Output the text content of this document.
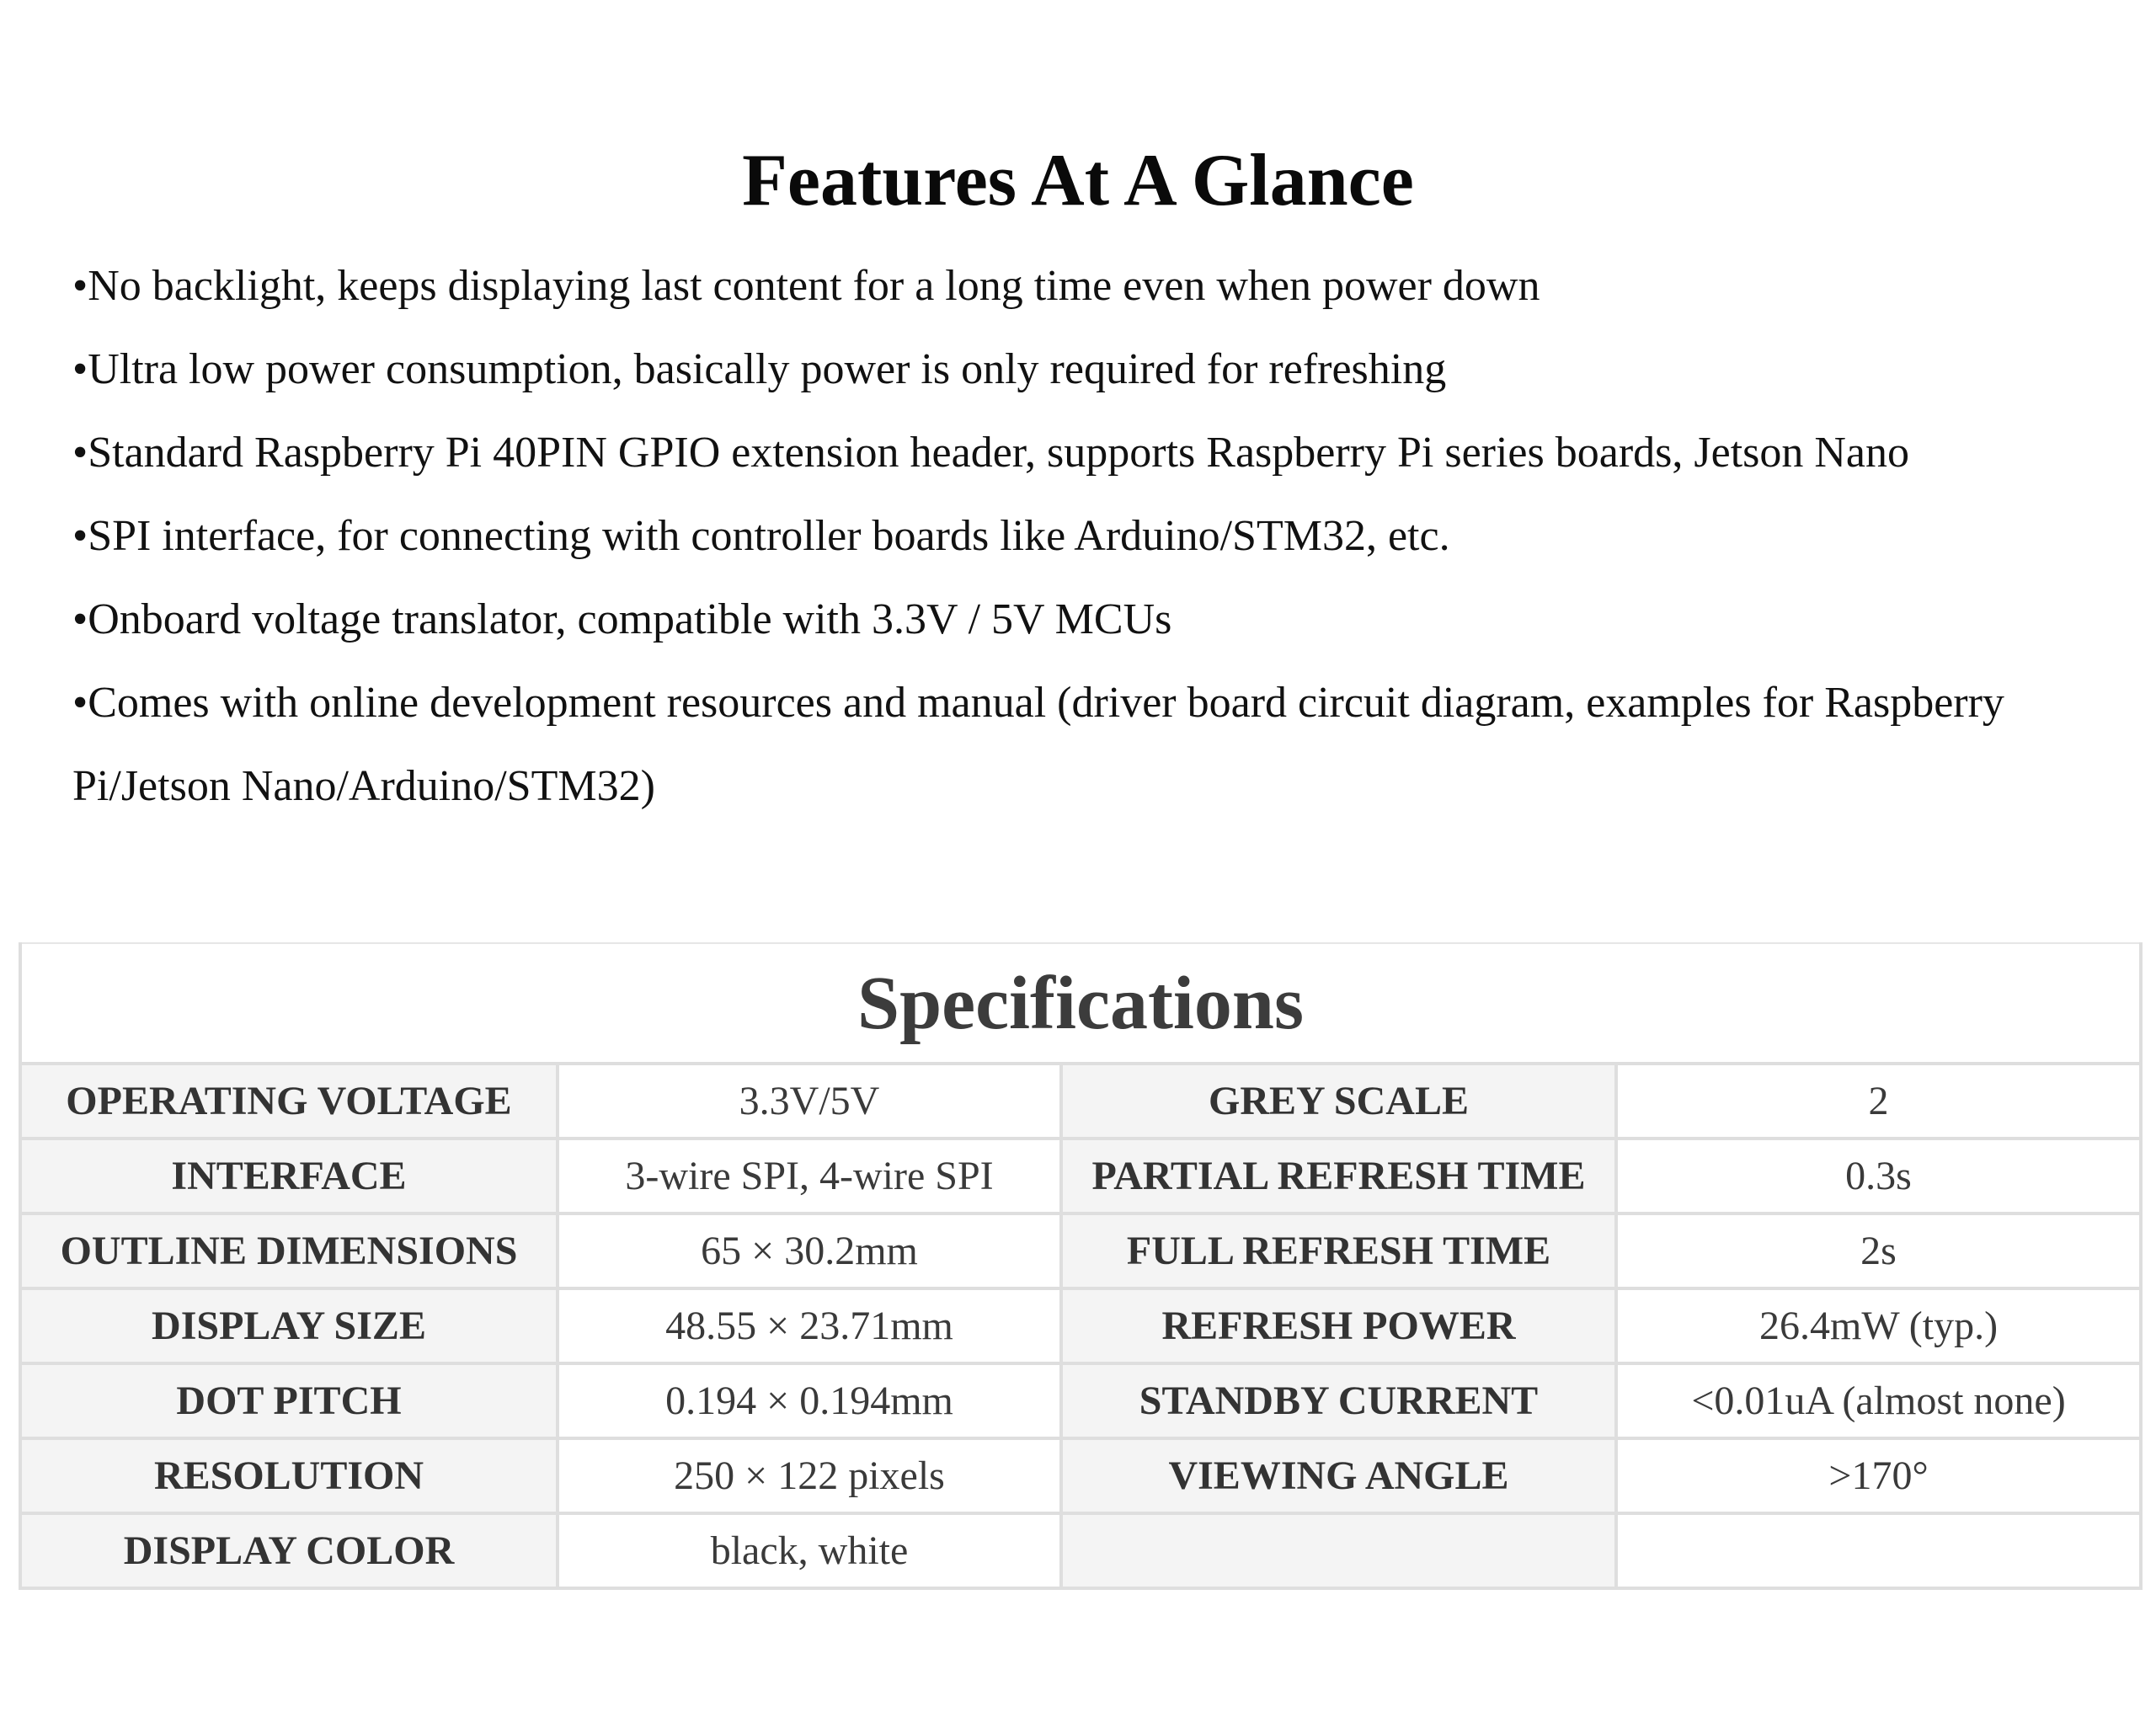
Features At A Glance
•No backlight, keeps displaying last content for a long time even when power down
•Ultra low power consumption, basically power is only required for refreshing
•Standard Raspberry Pi 40PIN GPIO extension header, supports Raspberry Pi series boards, Jetson Nano
•SPI interface, for connecting with controller boards like Arduino/STM32, etc.
•Onboard voltage translator, compatible with 3.3V / 5V MCUs
•Comes with online development resources and manual (driver board circuit diagram, examples for Raspberry Pi/Jetson Nano/Arduino/STM32)
Specifications			
OPERATING VOLTAGE	3.3V/5V	GREY SCALE	2
INTERFACE	3-wire SPI, 4-wire SPI	PARTIAL REFRESH TIME	0.3s
OUTLINE DIMENSIONS	65 × 30.2mm	FULL REFRESH TIME	2s
DISPLAY SIZE	48.55 × 23.71mm	REFRESH POWER	26.4mW (typ.)
DOT PITCH	0.194 × 0.194mm	STANDBY CURRENT	<0.01uA (almost none)
RESOLUTION	250 × 122 pixels	VIEWING ANGLE	>170°
DISPLAY COLOR	black, white		
